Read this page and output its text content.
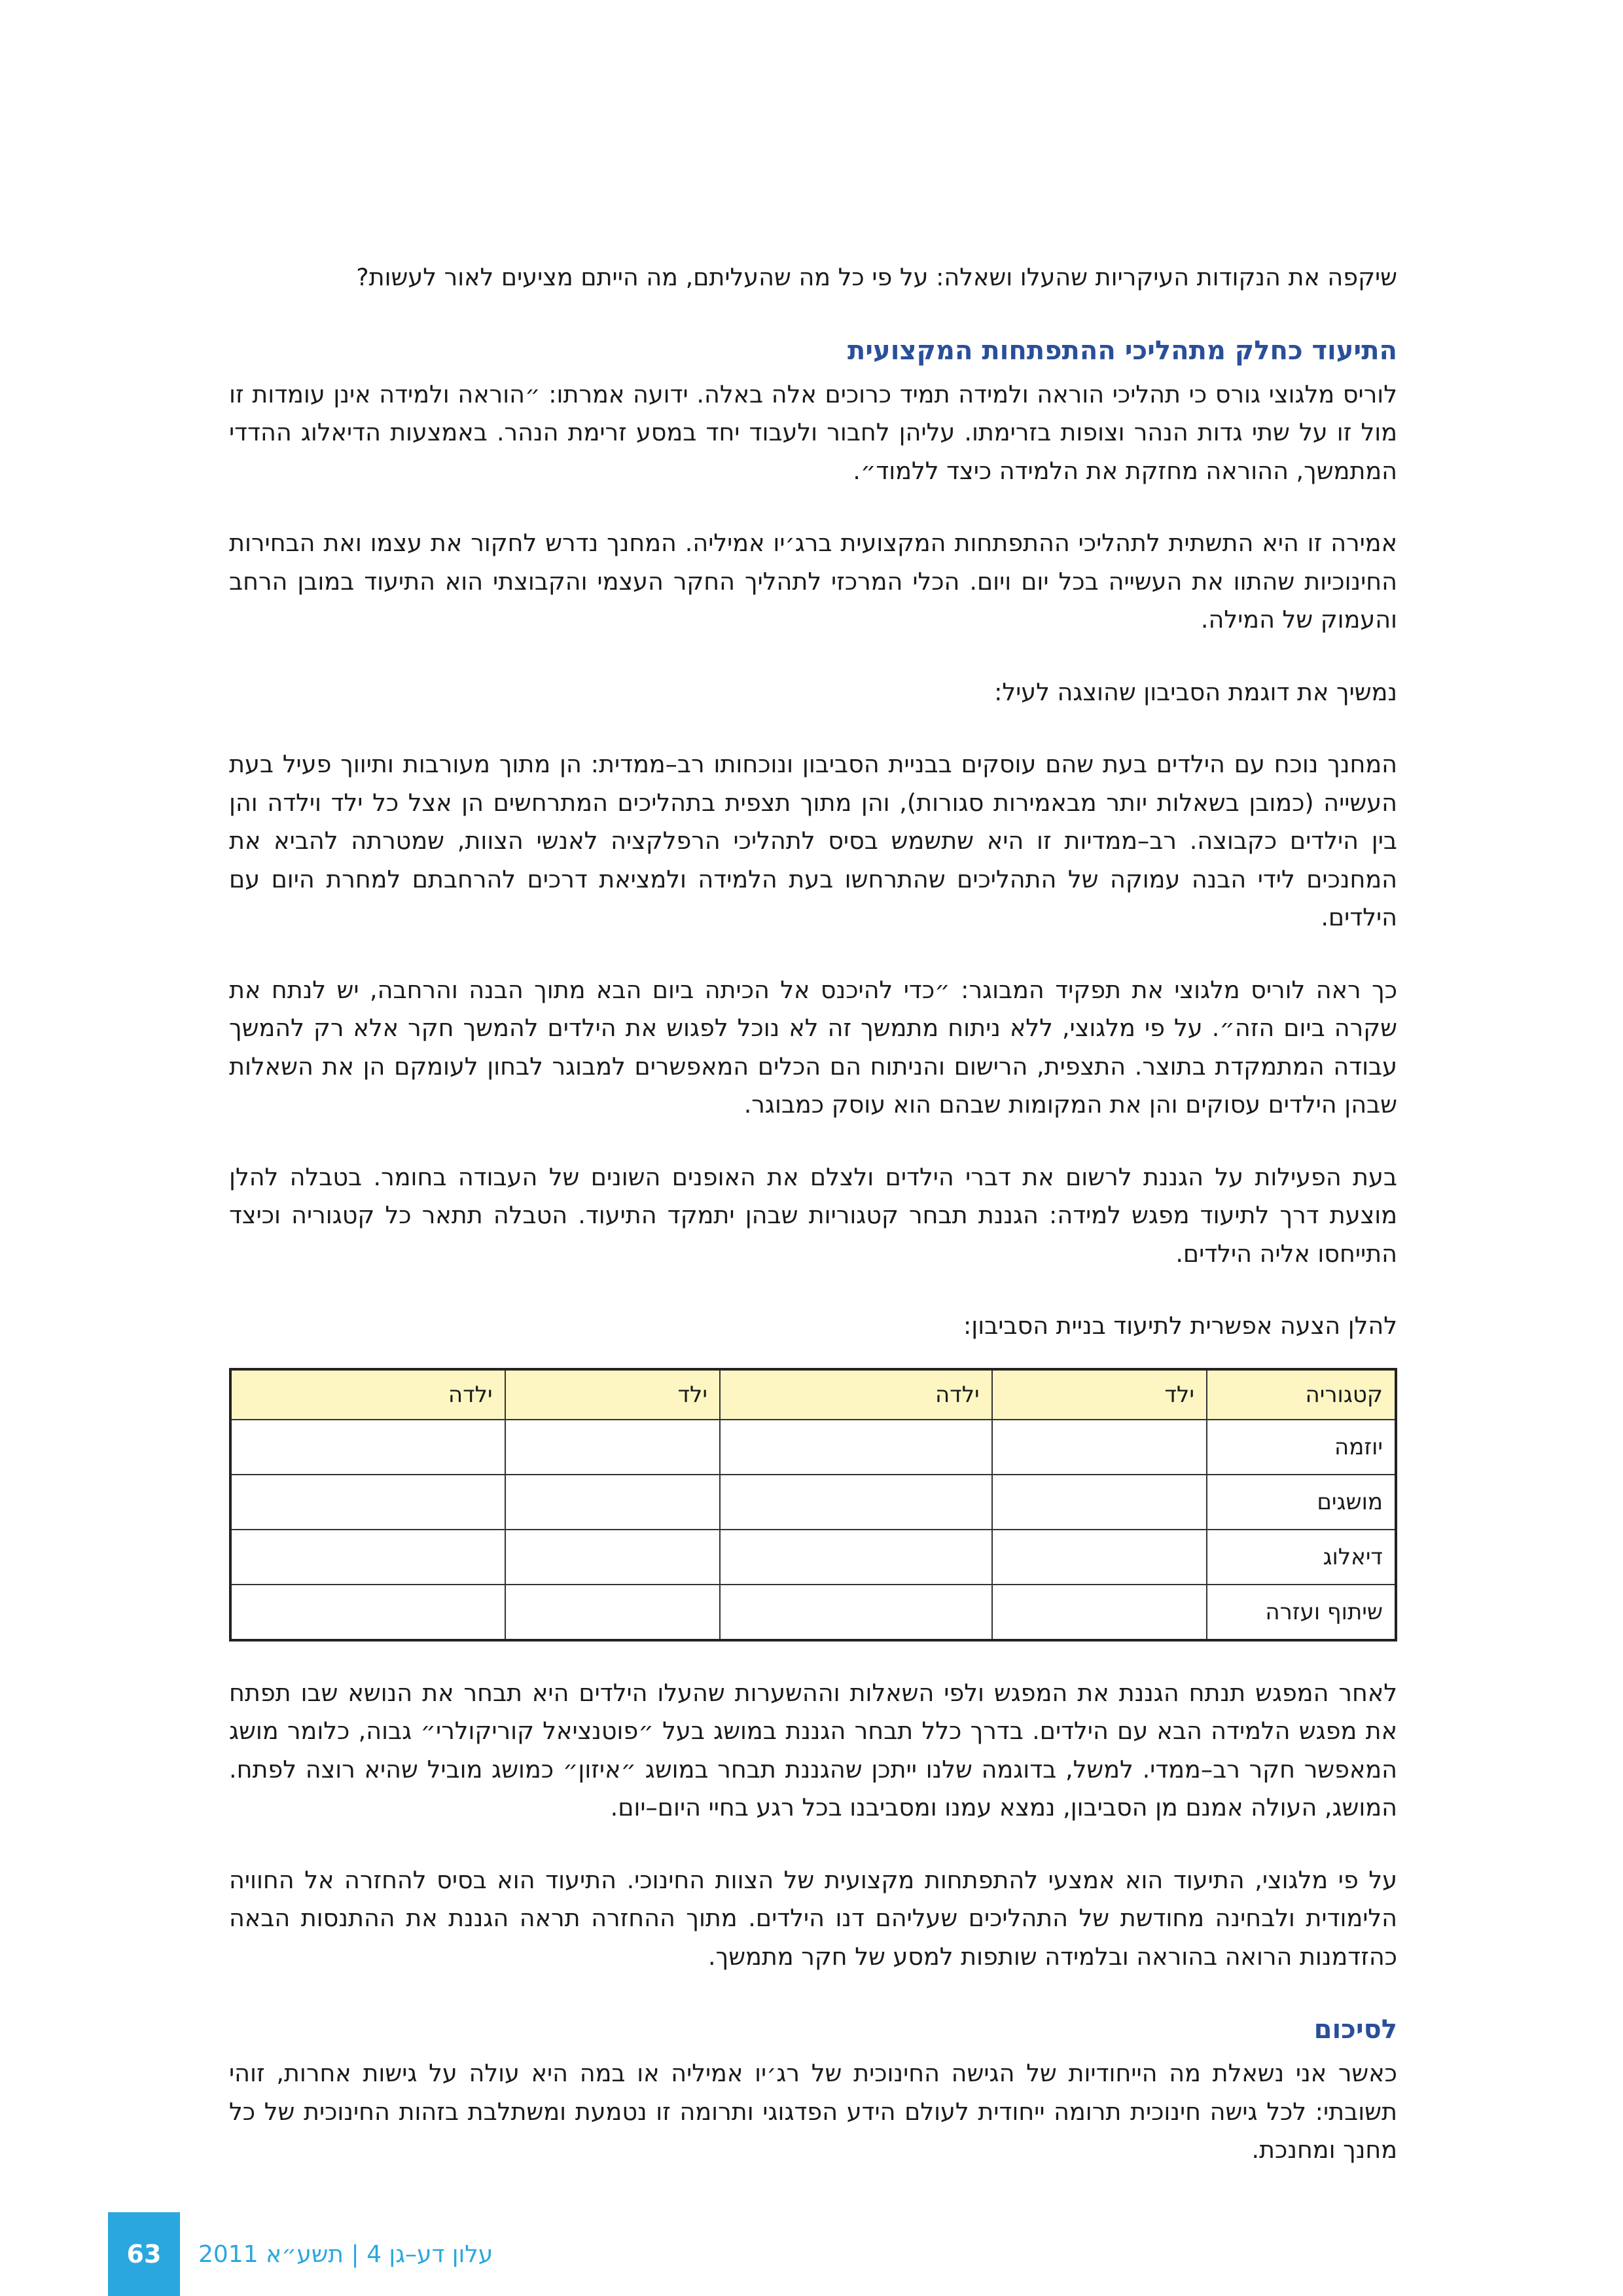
שיקפה את הנקודות העיקריות שהעלו ושאלה: על פי כל מה שהעליתם, מה הייתם מציעים לאור לעשות?

התיעוד כחלק מתהליכי ההתפתחות המקצועית

לוריס מלגוצי גורס כי תהליכי הוראה ולמידה תמיד כרוכים אלה באלה. ידועה אמרתו: ״הוראה ולמידה אינן עומדות זו מול זו על שתי גדות הנהר וצופות בזרימתו. עליהן לחבור ולעבוד יחד במסע זרימת הנהר. באמצעות הדיאלוג ההדדי המתמשך, ההוראה מחזקת את הלמידה כיצד ללמוד״.

אמירה זו היא התשתית לתהליכי ההתפתחות המקצועית ברג׳יו אמיליה. המחנך נדרש לחקור את עצמו ואת הבחירות החינוכיות שהתוו את העשייה בכל יום ויום. הכלי המרכזי לתהליך החקר העצמי והקבוצתי הוא התיעוד במובן הרחב והעמוק של המילה.

נמשיך את דוגמת הסביבון שהוצגה לעיל:

המחנך נוכח עם הילדים בעת שהם עוסקים בבניית הסביבון ונוכחותו רב–ממדית: הן מתוך מעורבות ותיווך פעיל בעת העשייה (כמובן בשאלות יותר מבאמירות סגורות), והן מתוך תצפית בתהליכים המתרחשים הן אצל כל ילד וילדה והן בין הילדים כקבוצה. רב–ממדיות זו היא שתשמש בסיס לתהליכי הרפלקציה לאנשי הצוות, שמטרתה להביא את המחנכים לידי הבנה עמוקה של התהליכים שהתרחשו בעת הלמידה ולמציאת דרכים להרחבתם למחרת היום עם הילדים.

כך ראה לוריס מלגוצי את תפקיד המבוגר: ״כדי להיכנס אל הכיתה ביום הבא מתוך הבנה והרחבה, יש לנתח את שקרה ביום הזה״. על פי מלגוצי, ללא ניתוח מתמשך זה לא נוכל לפגוש את הילדים להמשך חקר אלא רק להמשך עבודה המתמקדת בתוצר. התצפית, הרישום והניתוח הם הכלים המאפשרים למבוגר לבחון לעומקם הן את השאלות שבהן הילדים עסוקים והן את המקומות שבהם הוא עוסק כמבוגר.

בעת הפעילות על הגננת לרשום את דברי הילדים ולצלם את האופנים השונים של העבודה בחומר. בטבלה להלן מוצעת דרך לתיעוד מפגש למידה: הגננת תבחר קטגוריות שבהן יתמקד התיעוד. הטבלה תתאר כל קטגוריה וכיצד התייחסו אליה הילדים.

להלן הצעה אפשרית לתיעוד בניית הסביבון:

קטגוריה	ילד	ילדה	ילד	ילדה
יוזמה				
מושגים				
דיאלוג				
שיתוף ועזרה				

לאחר המפגש תנתח הגננת את המפגש ולפי השאלות וההשערות שהעלו הילדים היא תבחר את הנושא שבו תפתח את מפגש הלמידה הבא עם הילדים. בדרך כלל תבחר הגננת במושג בעל ״פוטנציאל קוריקולרי״ גבוה, כלומר מושג המאפשר חקר רב–ממדי. למשל, בדוגמה שלנו ייתכן שהגננת תבחר במושג ״איזון״ כמושג מוביל שהיא רוצה לפתח. המושג, העולה אמנם מן הסביבון, נמצא עמנו ומסביבנו בכל רגע בחיי היום–יום.

על פי מלגוצי, התיעוד הוא אמצעי להתפתחות מקצועית של הצוות החינוכי. התיעוד הוא בסיס להחזרה אל החוויה הלימודית ולבחינה מחודשת של התהליכים שעליהם דנו הילדים. מתוך ההחזרה תראה הגננת את ההתנסות הבאה כהזדמנות הרואה בהוראה ובלמידה שותפות למסע של חקר מתמשך.

לסיכום

כאשר אני נשאלת מה הייחודיות של הגישה החינוכית של רג׳יו אמיליה או במה היא עולה על גישות אחרות, זוהי תשובתי: לכל גישה חינוכית תרומה ייחודית לעולם הידע הפדגוגי ותרומה זו נטמעת ומשתלבת בזהות החינוכית של כל מחנך ומחנכת.

63	עלון דע–גן 4 | תשע״א 2011
